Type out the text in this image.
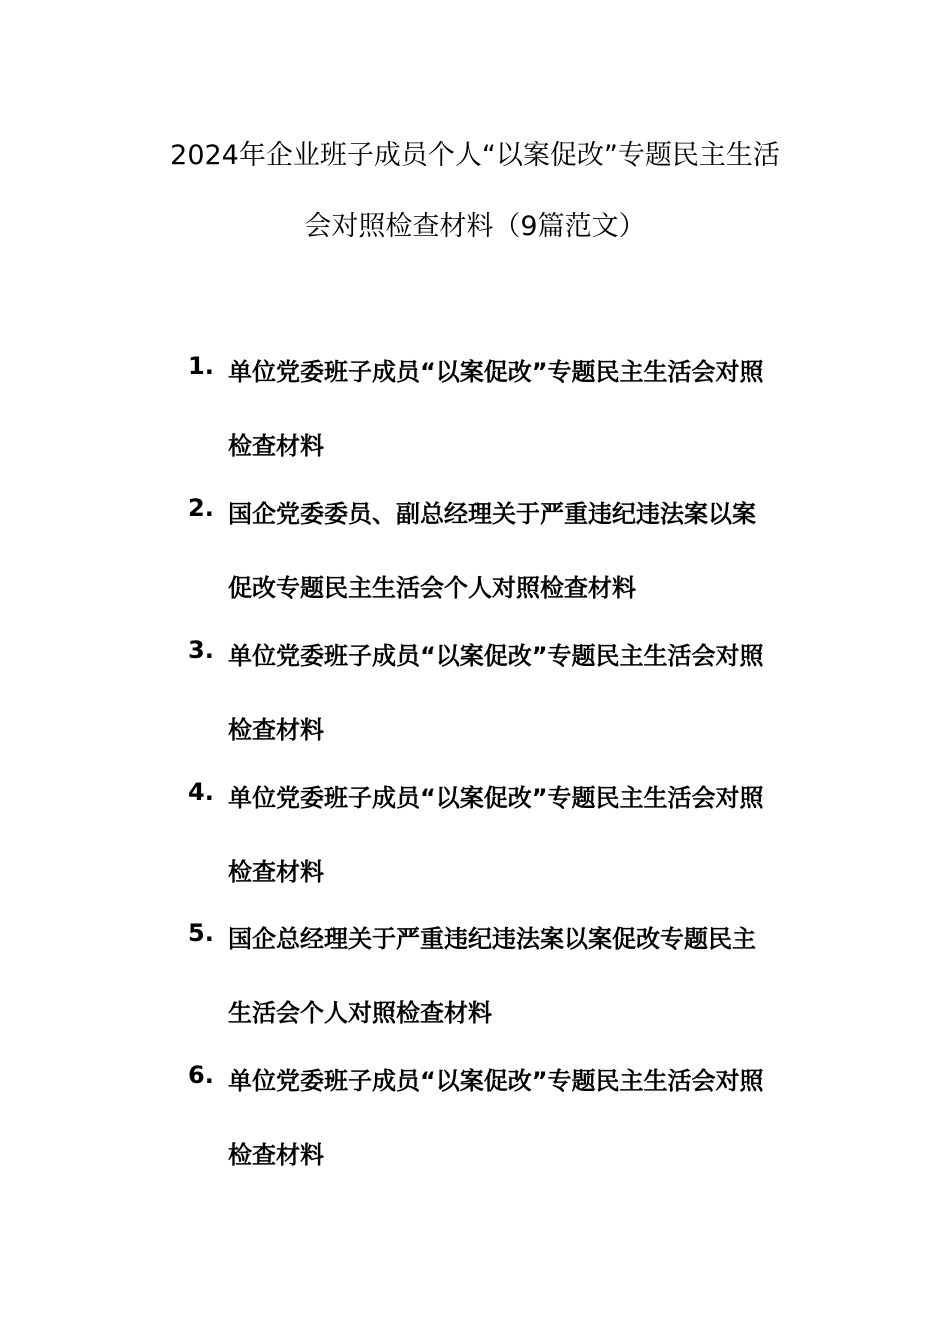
2024年企业班子成员个人“以案促改”专题民主生活
会对照检查材料（9篇范文）
1. 单位党委班子成员“以案促改”专题民主生活会对照
检查材料
2. 国企党委委员、副总经理关于严重违纪违法案以案
促改专题民主生活会个人对照检查材料
3. 单位党委班子成员“以案促改”专题民主生活会对照
检查材料
4. 单位党委班子成员“以案促改”专题民主生活会对照
检查材料
5. 国企总经理关于严重违纪违法案以案促改专题民主
生活会个人对照检查材料
6. 单位党委班子成员“以案促改”专题民主生活会对照
检查材料
